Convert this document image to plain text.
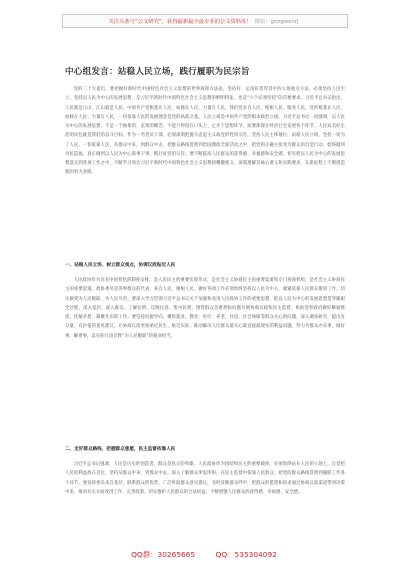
关注头条号“公文研究”，获得最新最全最专业的公文资料库！ 微信：gongwenrj
中心组发言：站稳人民立场，践行履职为民宗旨

党的二十大提出，要把握好新时代中国特色社会主义思想的世界观和方法论，坚持好、运用好贯穿其中的立场观点方法，必须坚持人民至上。坚持以人民为中心的发展思想，是习近平新时代中国特色社会主义思想的鲜明特征，也是“六个必须坚持”的首要要求。习近平总书记指出，人民就是江山，江山就是人民。中国共产党根基在人民、血脉在人民、力量在人民，我们党来自人民、植根人民、服务人民，党的根基在人民、血脉在人民、力量在人民，一切依靠人民的发展理念是党的执政之基。人民立场是中国共产党的根本政治立场。习近平总书记一再强调，以人民为中心的发展思想，不是一个抽象的、玄奥的概念，不能只停留在口头上、止步于思想环节，而要体现在经济社会发展各个环节。人民对美好生活的向往就是我们的奋斗目标。作为一名党员干部，必须深刻把握马克思主义政党的性质宗旨，坚持人民主体地位，站稳人民立场，坚持一切为了人民，一切依靠人民，从群众中来，到群众中去，把群众路线贯彻到治国理政全部活动之中，把党的正确主张变为群众的自觉行动，始终做到为民造福，真正做到以人民为中心谋事干事，践行好党的宗旨。要不断提高人民群众的获得感、幸福感和安全感，切实把以人民为中心的发展思想落实到各项工作之中，不断学习领会习近平新时代中国特色社会主义思想的精髓要义，深刻理解其核心要义和实践要求，在新征程上不断创造新的更大业绩。

一、站稳人民立场、树立群众观点，协调议政贴近人民

人民政协作为具有中国特色的制度安排，是人民民主的重要实现形式，是社会主义协商民主的重要渠道和专门协商机构，是社会主义协商民主的重要渠道。政协委员是各界群众的代表，来自人民、植根人民，做好各项工作必须始终坚持以人民为中心，紧紧依靠人民群众推进工作，切实做到为人民履职、为人民尽责。要深入学习贯彻习近平总书记关于加强和改进人民政协工作的重要思想，把以人民为中心的发展思想贯穿履职全过程，深入基层、深入群众，了解民情、反映民意、集中民智，围绕群众急难愁盼问题开展协商议政和民主监督，协助党和政府做好解疑释惑、化解矛盾、凝聚共识的工作。要坚持问题导向，聚焦就业、教育、医疗、养老、住房、社会保障等群众关心的问题，深入调查研究，提出有分量、有价值的意见建议，让协商议政更加贴近民生、贴近实际，推动解决人民群众最关心最直接最现实的利益问题，努力为群众办实事、做好事、解难事，以实际行动诠释“为人民履职”的使命担当。

二、走好群众路线、把握群众意愿，民主监督依靠人民

习近平总书记强调，人民是历史的创造者，群众是真正的英雄。人民政协作为团结和民主的重要载体，必须始终站在人民的立场上，自觉把人民的利益放在首位，坚持从群众中来、到群众中去，深入了解群众所思所盼，在民主监督中依靠人民群众，把党的群众路线贯彻到履职工作各个环节。要发挥委员来自基层、联系群众的优势，广泛听取群众意见建议，及时反映群众呼声，把群众的愿望和诉求通过协商议政渠道带到决策中来，推动有关方面改进工作、完善政策，切实维护人民群众的合法权益，不断增强人民群众的获得感、幸福感、安全感。

QQ群：30265665	QQ：535304092
